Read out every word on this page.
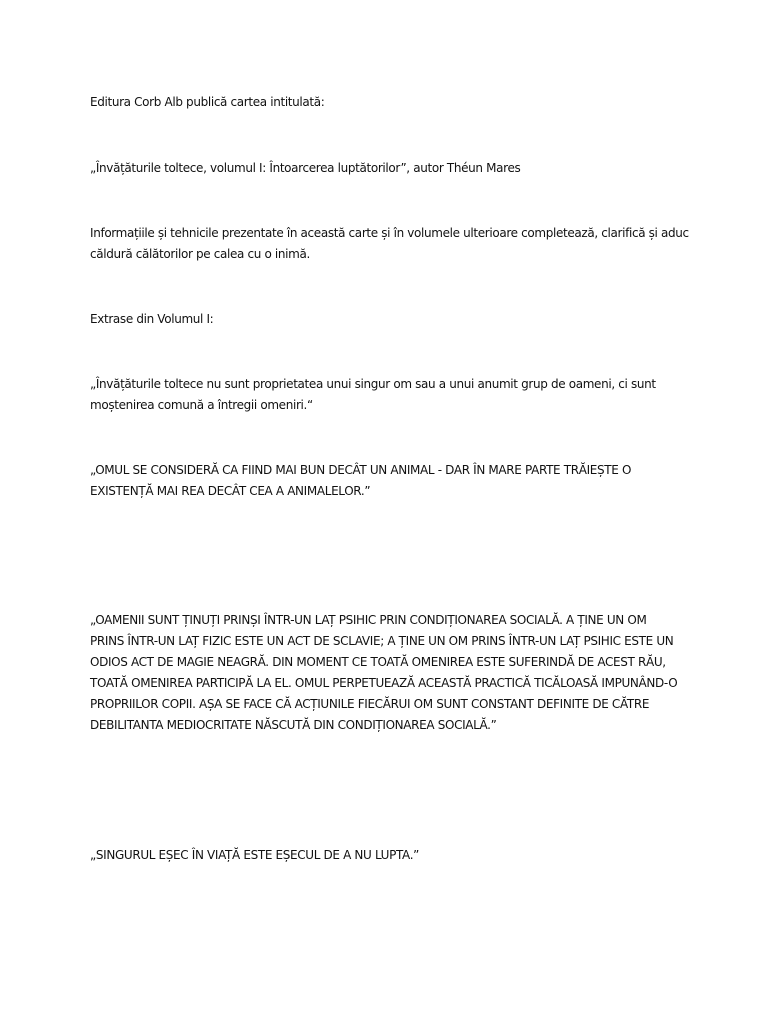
Editura Corb Alb publică cartea intitulată:

„Învățăturile toltece, volumul I: Întoarcerea luptătorilor”, autor Théun Mares

Informațiile și tehnicile prezentate în această carte și în volumele ulterioare completează, clarifică și aduc
căldură călătorilor pe calea cu o inimă.

Extrase din Volumul I:

„Învățăturile toltece nu sunt proprietatea unui singur om sau a unui anumit grup de oameni, ci sunt
moștenirea comună a întregii omeniri.“

„OMUL SE CONSIDERĂ CA FIIND MAI BUN DECÂT UN ANIMAL - DAR ÎN MARE PARTE TRĂIEȘTE O
EXISTENȚĂ MAI REA DECÂT CEA A ANIMALELOR.”

„OAMENII SUNT ȚINUȚI PRINȘI ÎNTR-UN LAȚ PSIHIC PRIN CONDIȚIONAREA SOCIALĂ. A ȚINE UN OM
PRINS ÎNTR-UN LAȚ FIZIC ESTE UN ACT DE SCLAVIE; A ȚINE UN OM PRINS ÎNTR-UN LAȚ PSIHIC ESTE UN
ODIOS ACT DE MAGIE NEAGRĂ. DIN MOMENT CE TOATĂ OMENIREA ESTE SUFERINDĂ DE ACEST RĂU,
TOATĂ OMENIREA PARTICIPĂ LA EL. OMUL PERPETUEAZĂ ACEASTĂ PRACTICĂ TICĂLOASĂ IMPUNÂND-O
PROPRIILOR COPII. AȘA SE FACE CĂ ACȚIUNILE FIECĂRUI OM SUNT CONSTANT DEFINITE DE CĂTRE
DEBILITANTA MEDIOCRITATE NĂSCUTĂ DIN CONDIȚIONAREA SOCIALĂ.”

„SINGURUL EȘEC ÎN VIAȚĂ ESTE EȘECUL DE A NU LUPTA.”
